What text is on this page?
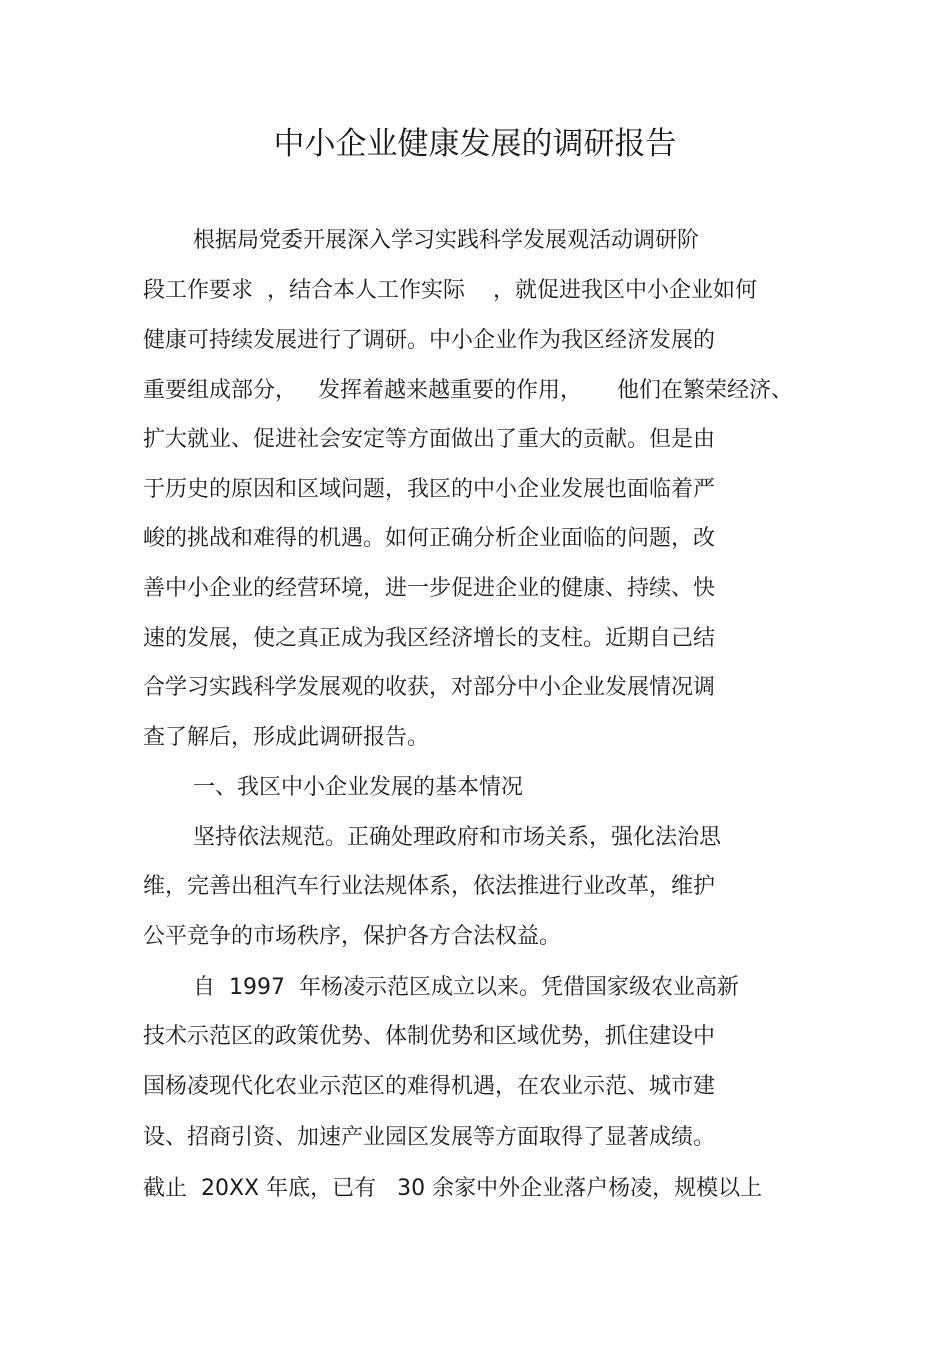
中小企业健康发展的调研报告
根据局党委开展深入学习实践科学发展观活动调研阶
段工作要求  ，结合本人工作实际    ，就促进我区中小企业如何
健康可持续发展进行了调研。中小企业作为我区经济发展的
重要组成部分，   发挥着越来越重要的作用，     他们在繁荣经济、
扩大就业、促进社会安定等方面做出了重大的贡献。但是由
于历史的原因和区域问题，我区的中小企业发展也面临着严
峻的挑战和难得的机遇。如何正确分析企业面临的问题，改
善中小企业的经营环境，进一步促进企业的健康、持续、快
速的发展，使之真正成为我区经济增长的支柱。近期自己结
合学习实践科学发展观的收获，对部分中小企业发展情况调
查了解后，形成此调研报告。
一、我区中小企业发展的基本情况
坚持依法规范。正确处理政府和市场关系，强化法治思
维，完善出租汽车行业法规体系，依法推进行业改革，维护
公平竞争的市场秩序，保护各方合法权益。
自  1997  年杨凌示范区成立以来。凭借国家级农业高新
技术示范区的政策优势、体制优势和区域优势，抓住建设中
国杨凌现代化农业示范区的难得机遇，在农业示范、城市建
设、招商引资、加速产业园区发展等方面取得了显著成绩。
截止  20XX 年底，已有   30 余家中外企业落户杨凌，规模以上
